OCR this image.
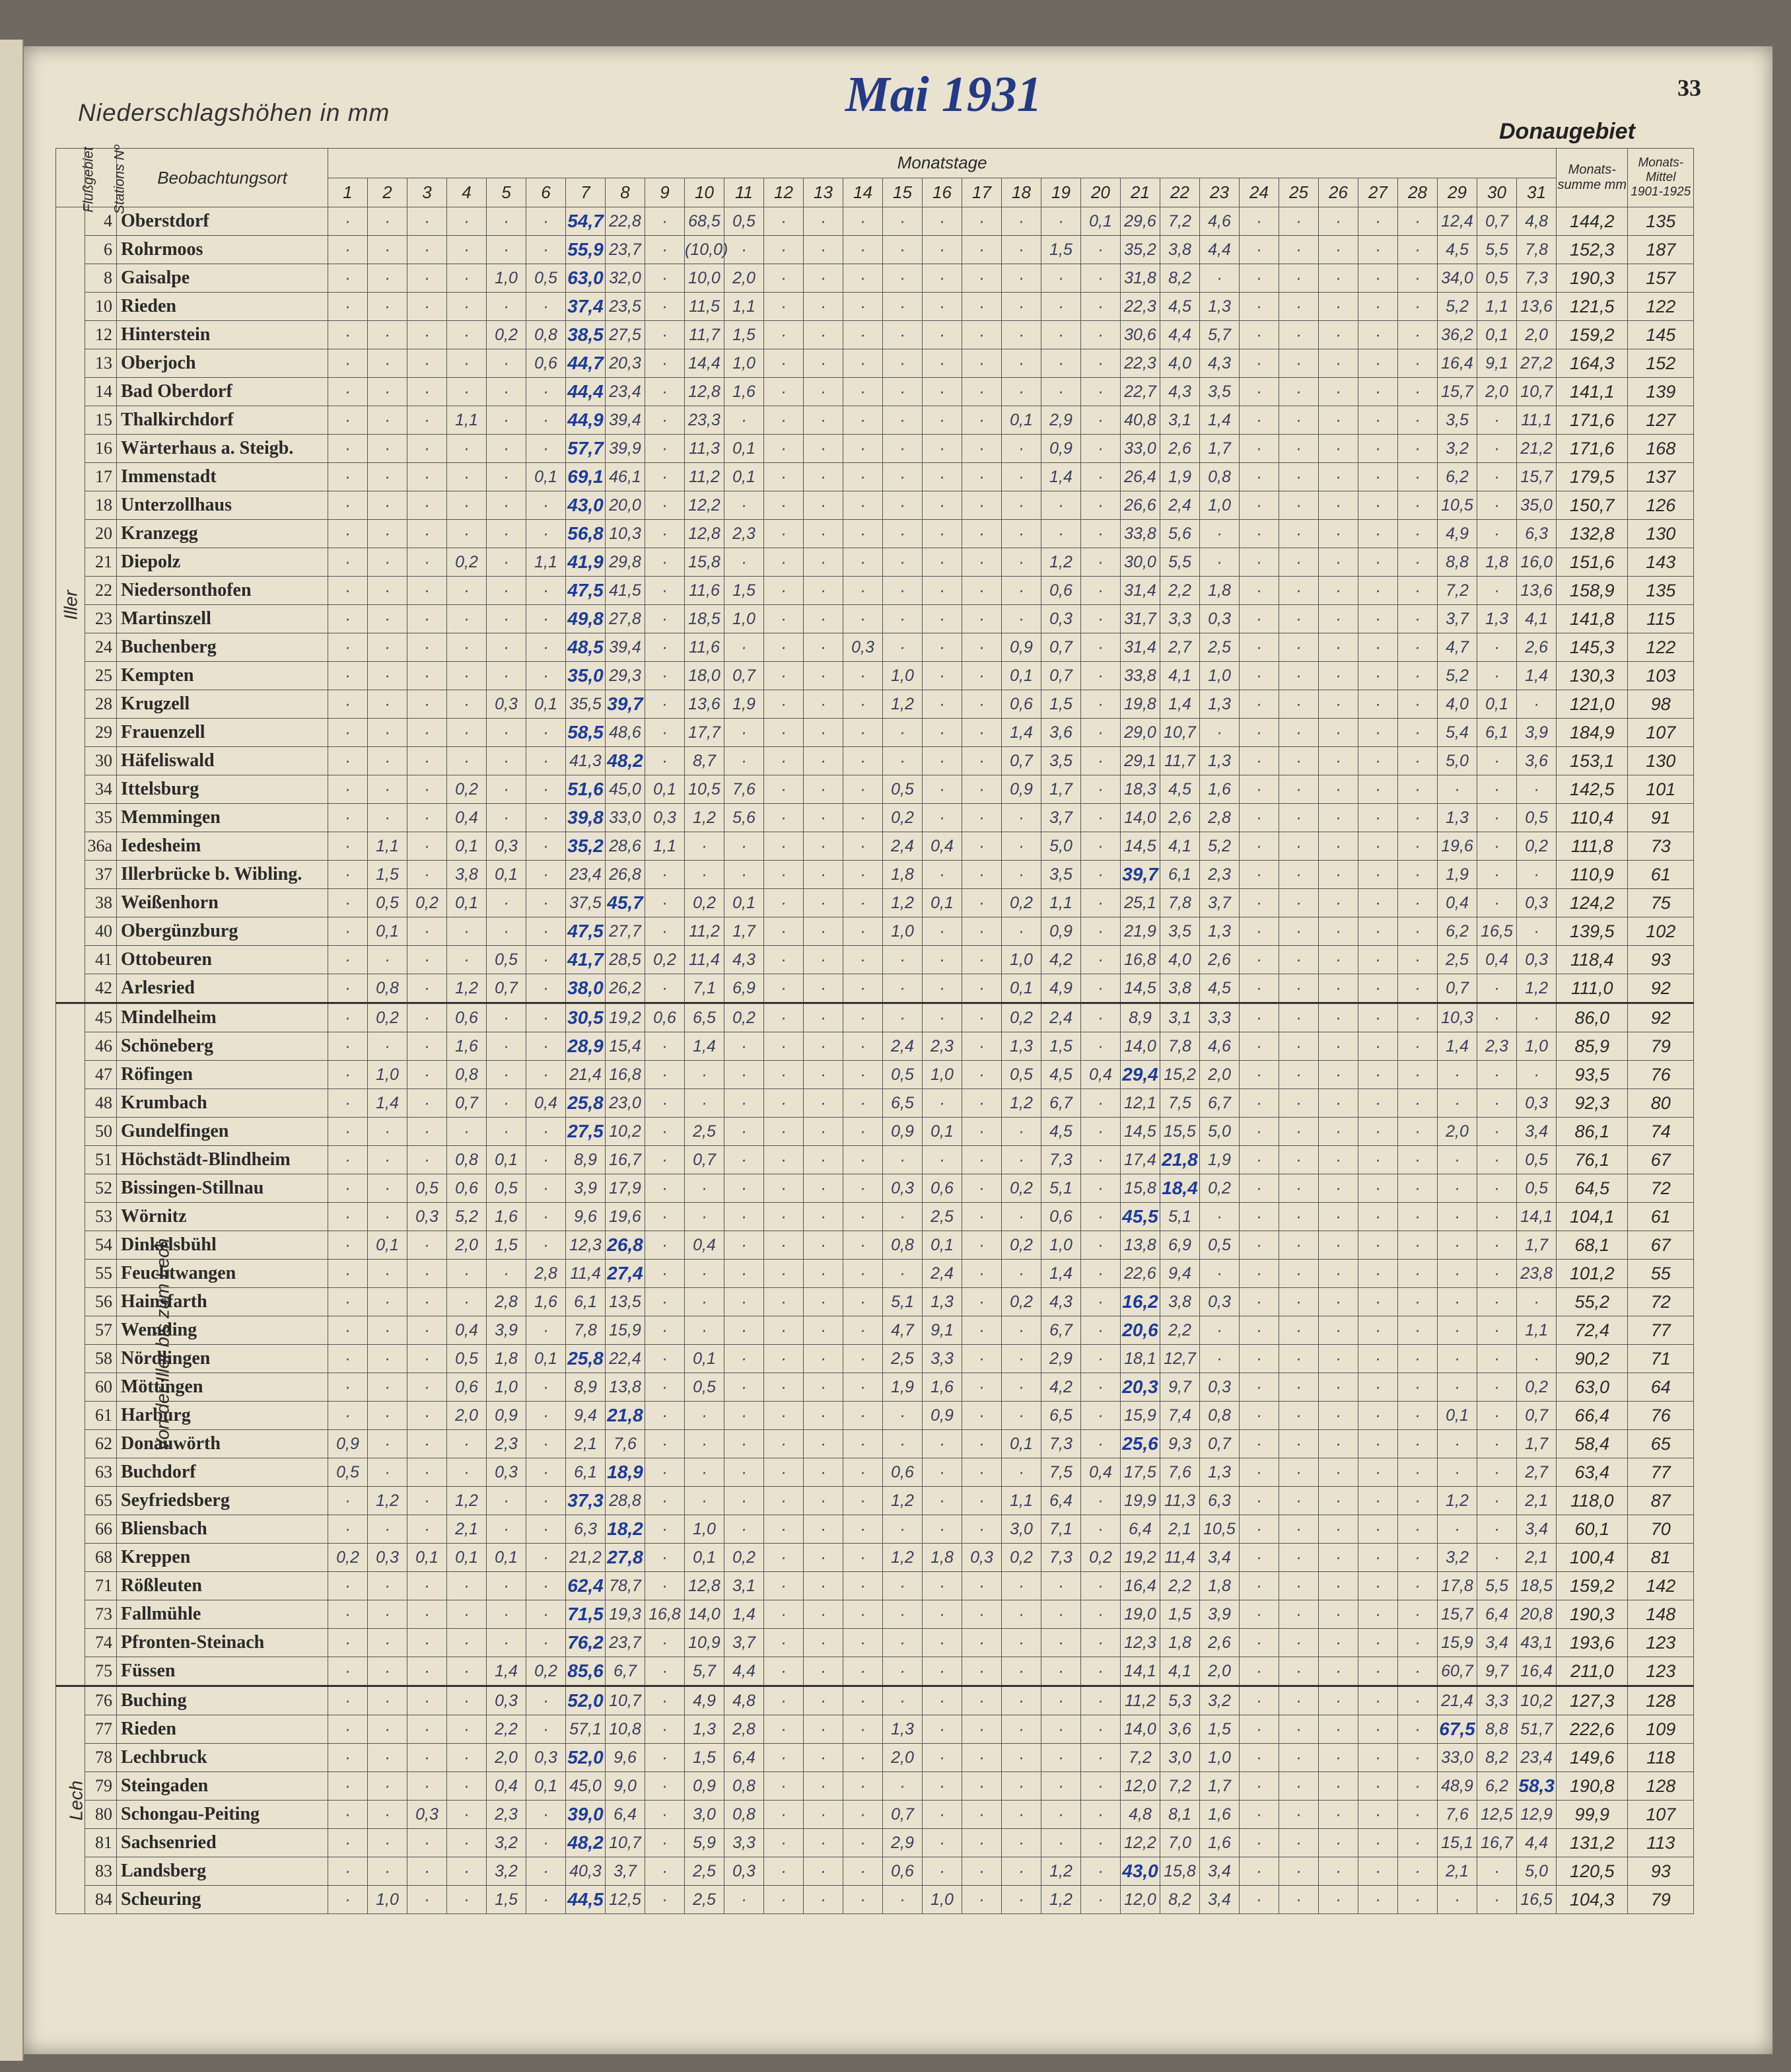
Niederschlagshöhen in mm	Mai 1931	33
Donaugebiet
Flußgebiet	Stations Nº	Beobachtungsort	Monatstage																															Monats-summe mm	Monats-Mittel 1901-1925
			1	2	3	4	5	6	7	8	9	10	11	12	13	14	15	16	17	18	19	20	21	22	23	24	25	26	27	28	29	30	31		
Iller	4	Oberstdorf	·	·	·	·	·	·	54,7	22,8	·	68,5	0,5	·	·	·	·	·	·	·	·	0,1	29,6	7,2	4,6	·	·	·	·	·	12,4	0,7	4,8	144,2	135
	6	Rohrmoos	·	·	·	·	·	·	55,9	23,7	·	(10,0)	·	·	·	·	·	·	·	·	1,5	·	35,2	3,8	4,4	·	·	·	·	·	4,5	5,5	7,8	152,3	187
	8	Gaisalpe	·	·	·	·	1,0	0,5	63,0	32,0	·	10,0	2,0	·	·	·	·	·	·	·	·	·	31,8	8,2	·	·	·	·	·	·	34,0	0,5	7,3	190,3	157
	10	Rieden	·	·	·	·	·	·	37,4	23,5	·	11,5	1,1	·	·	·	·	·	·	·	·	·	22,3	4,5	1,3	·	·	·	·	·	5,2	1,1	13,6	121,5	122
	12	Hinterstein	·	·	·	·	0,2	0,8	38,5	27,5	·	11,7	1,5	·	·	·	·	·	·	·	·	·	30,6	4,4	5,7	·	·	·	·	·	36,2	0,1	2,0	159,2	145
	13	Oberjoch	·	·	·	·	·	0,6	44,7	20,3	·	14,4	1,0	·	·	·	·	·	·	·	·	·	22,3	4,0	4,3	·	·	·	·	·	16,4	9,1	27,2	164,3	152
	14	Bad Oberdorf	·	·	·	·	·	·	44,4	23,4	·	12,8	1,6	·	·	·	·	·	·	·	·	·	22,7	4,3	3,5	·	·	·	·	·	15,7	2,0	10,7	141,1	139
	15	Thalkirchdorf	·	·	·	1,1	·	·	44,9	39,4	·	23,3	·	·	·	·	·	·	·	0,1	2,9	·	40,8	3,1	1,4	·	·	·	·	·	3,5	·	11,1	171,6	127
	16	Wärterhaus a. Steigb.	·	·	·	·	·	·	57,7	39,9	·	11,3	0,1	·	·	·	·	·	·	·	0,9	·	33,0	2,6	1,7	·	·	·	·	·	3,2	·	21,2	171,6	168
	17	Immenstadt	·	·	·	·	·	0,1	69,1	46,1	·	11,2	0,1	·	·	·	·	·	·	·	1,4	·	26,4	1,9	0,8	·	·	·	·	·	6,2	·	15,7	179,5	137
	18	Unterzollhaus	·	·	·	·	·	·	43,0	20,0	·	12,2	·	·	·	·	·	·	·	·	·	·	26,6	2,4	1,0	·	·	·	·	·	10,5	·	35,0	150,7	126
	20	Kranzegg	·	·	·	·	·	·	56,8	10,3	·	12,8	2,3	·	·	·	·	·	·	·	·	·	33,8	5,6	·	·	·	·	·	·	4,9	·	6,3	132,8	130
	21	Diepolz	·	·	·	0,2	·	1,1	41,9	29,8	·	15,8	·	·	·	·	·	·	·	·	1,2	·	30,0	5,5	·	·	·	·	·	·	8,8	1,8	16,0	151,6	143
	22	Niedersonthofen	·	·	·	·	·	·	47,5	41,5	·	11,6	1,5	·	·	·	·	·	·	·	0,6	·	31,4	2,2	1,8	·	·	·	·	·	7,2	·	13,6	158,9	135
	23	Martinszell	·	·	·	·	·	·	49,8	27,8	·	18,5	1,0	·	·	·	·	·	·	·	0,3	·	31,7	3,3	0,3	·	·	·	·	·	3,7	1,3	4,1	141,8	115
	24	Buchenberg	·	·	·	·	·	·	48,5	39,4	·	11,6	·	·	·	0,3	·	·	·	0,9	0,7	·	31,4	2,7	2,5	·	·	·	·	·	4,7	·	2,6	145,3	122
	25	Kempten	·	·	·	·	·	·	35,0	29,3	·	18,0	0,7	·	·	·	1,0	·	·	0,1	0,7	·	33,8	4,1	1,0	·	·	·	·	·	5,2	·	1,4	130,3	103
	28	Krugzell	·	·	·	·	0,3	0,1	35,5	39,7	·	13,6	1,9	·	·	·	1,2	·	·	0,6	1,5	·	19,8	1,4	1,3	·	·	·	·	·	4,0	0,1	·	121,0	98
	29	Frauenzell	·	·	·	·	·	·	58,5	48,6	·	17,7	·	·	·	·	·	·	·	1,4	3,6	·	29,0	10,7	·	·	·	·	·	·	5,4	6,1	3,9	184,9	107
	30	Häfeliswald	·	·	·	·	·	·	41,3	48,2	·	8,7	·	·	·	·	·	·	·	0,7	3,5	·	29,1	11,7	1,3	·	·	·	·	·	5,0	·	3,6	153,1	130
	34	Ittelsburg	·	·	·	0,2	·	·	51,6	45,0	0,1	10,5	7,6	·	·	·	0,5	·	·	0,9	1,7	·	18,3	4,5	1,6	·	·	·	·	·	·	·	·	142,5	101
	35	Memmingen	·	·	·	0,4	·	·	39,8	33,0	0,3	1,2	5,6	·	·	·	0,2	·	·	·	3,7	·	14,0	2,6	2,8	·	·	·	·	·	1,3	·	0,5	110,4	91
	36a	Iedesheim	·	1,1	·	0,1	0,3	·	35,2	28,6	1,1	·	·	·	·	·	2,4	0,4	·	·	5,0	·	14,5	4,1	5,2	·	·	·	·	·	19,6	·	0,2	111,8	73
	37	Illerbrücke b. Wibling.	·	1,5	·	3,8	0,1	·	23,4	26,8	·	·	·	·	·	·	1,8	·	·	·	3,5	·	39,7	6,1	2,3	·	·	·	·	·	1,9	·	·	110,9	61
	38	Weißenhorn	·	0,5	0,2	0,1	·	·	37,5	45,7	·	0,2	0,1	·	·	·	1,2	0,1	·	0,2	1,1	·	25,1	7,8	3,7	·	·	·	·	·	0,4	·	0,3	124,2	75
	40	Obergünzburg	·	0,1	·	·	·	·	47,5	27,7	·	11,2	1,7	·	·	·	1,0	·	·	·	0,9	·	21,9	3,5	1,3	·	·	·	·	·	6,2	16,5	·	139,5	102
	41	Ottobeuren	·	·	·	·	0,5	·	41,7	28,5	0,2	11,4	4,3	·	·	·	·	·	·	1,0	4,2	·	16,8	4,0	2,6	·	·	·	·	·	2,5	0,4	0,3	118,4	93
	42	Arlesried	·	0,8	·	1,2	0,7	·	38,0	26,2	·	7,1	6,9	·	·	·	·	·	·	0,1	4,9	·	14,5	3,8	4,5	·	·	·	·	·	0,7	·	1,2	111,0	92
Von der Iller bis zum Lech	45	Mindelheim	·	0,2	·	0,6	·	·	30,5	19,2	0,6	6,5	0,2	·	·	·	·	·	·	0,2	2,4	·	8,9	3,1	3,3	·	·	·	·	·	10,3	·	·	86,0	92
	46	Schöneberg	·	·	·	1,6	·	·	28,9	15,4	·	1,4	·	·	·	·	2,4	2,3	·	1,3	1,5	·	14,0	7,8	4,6	·	·	·	·	·	1,4	2,3	1,0	85,9	79
	47	Röfingen	·	1,0	·	0,8	·	·	21,4	16,8	·	·	·	·	·	·	0,5	1,0	·	0,5	4,5	0,4	29,4	15,2	2,0	·	·	·	·	·	·	·	·	93,5	76
	48	Krumbach	·	1,4	·	0,7	·	0,4	25,8	23,0	·	·	·	·	·	·	6,5	·	·	1,2	6,7	·	12,1	7,5	6,7	·	·	·	·	·	·	·	0,3	92,3	80
	50	Gundelfingen	·	·	·	·	·	·	27,5	10,2	·	2,5	·	·	·	·	0,9	0,1	·	·	4,5	·	14,5	15,5	5,0	·	·	·	·	·	2,0	·	3,4	86,1	74
	51	Höchstädt-Blindheim	·	·	·	0,8	0,1	·	8,9	16,7	·	0,7	·	·	·	·	·	·	·	·	7,3	·	17,4	21,8	1,9	·	·	·	·	·	·	·	0,5	76,1	67
	52	Bissingen-Stillnau	·	·	0,5	0,6	0,5	·	3,9	17,9	·	·	·	·	·	·	0,3	0,6	·	0,2	5,1	·	15,8	18,4	0,2	·	·	·	·	·	·	·	0,5	64,5	72
	53	Wörnitz	·	·	0,3	5,2	1,6	·	9,6	19,6	·	·	·	·	·	·	·	2,5	·	·	0,6	·	45,5	5,1	·	·	·	·	·	·	·	·	14,1	104,1	61
	54	Dinkelsbühl	·	0,1	·	2,0	1,5	·	12,3	26,8	·	0,4	·	·	·	·	0,8	0,1	·	0,2	1,0	·	13,8	6,9	0,5	·	·	·	·	·	·	·	1,7	68,1	67
	55	Feuchtwangen	·	·	·	·	·	2,8	11,4	27,4	·	·	·	·	·	·	·	2,4	·	·	1,4	·	22,6	9,4	·	·	·	·	·	·	·	·	23,8	101,2	55
	56	Hainsfarth	·	·	·	·	2,8	1,6	6,1	13,5	·	·	·	·	·	·	5,1	1,3	·	0,2	4,3	·	16,2	3,8	0,3	·	·	·	·	·	·	·	·	55,2	72
	57	Wemding	·	·	·	0,4	3,9	·	7,8	15,9	·	·	·	·	·	·	4,7	9,1	·	·	6,7	·	20,6	2,2	·	·	·	·	·	·	·	·	1,1	72,4	77
	58	Nördlingen	·	·	·	0,5	1,8	0,1	25,8	22,4	·	0,1	·	·	·	·	2,5	3,3	·	·	2,9	·	18,1	12,7	·	·	·	·	·	·	·	·	·	90,2	71
	60	Möttingen	·	·	·	0,6	1,0	·	8,9	13,8	·	0,5	·	·	·	·	1,9	1,6	·	·	4,2	·	20,3	9,7	0,3	·	·	·	·	·	·	·	0,2	63,0	64
	61	Harburg	·	·	·	2,0	0,9	·	9,4	21,8	·	·	·	·	·	·	·	0,9	·	·	6,5	·	15,9	7,4	0,8	·	·	·	·	·	0,1	·	0,7	66,4	76
	62	Donauwörth	0,9	·	·	·	2,3	·	2,1	7,6	·	·	·	·	·	·	·	·	·	0,1	7,3	·	25,6	9,3	0,7	·	·	·	·	·	·	·	1,7	58,4	65
	63	Buchdorf	0,5	·	·	·	0,3	·	6,1	18,9	·	·	·	·	·	·	0,6	·	·	·	7,5	0,4	17,5	7,6	1,3	·	·	·	·	·	·	·	2,7	63,4	77
	65	Seyfriedsberg	·	1,2	·	1,2	·	·	37,3	28,8	·	·	·	·	·	·	1,2	·	·	1,1	6,4	·	19,9	11,3	6,3	·	·	·	·	·	1,2	·	2,1	118,0	87
	66	Bliensbach	·	·	·	2,1	·	·	6,3	18,2	·	1,0	·	·	·	·	·	·	·	3,0	7,1	·	6,4	2,1	10,5	·	·	·	·	·	·	·	3,4	60,1	70
	68	Kreppen	0,2	0,3	0,1	0,1	0,1	·	21,2	27,8	·	0,1	0,2	·	·	·	1,2	1,8	0,3	0,2	7,3	0,2	19,2	11,4	3,4	·	·	·	·	·	3,2	·	2,1	100,4	81
	71	Rößleuten	·	·	·	·	·	·	62,4	78,7	·	12,8	3,1	·	·	·	·	·	·	·	·	·	16,4	2,2	1,8	·	·	·	·	·	17,8	5,5	18,5	159,2	142
	73	Fallmühle	·	·	·	·	·	·	71,5	19,3	16,8	14,0	1,4	·	·	·	·	·	·	·	·	·	19,0	1,5	3,9	·	·	·	·	·	15,7	6,4	20,8	190,3	148
	74	Pfronten-Steinach	·	·	·	·	·	·	76,2	23,7	·	10,9	3,7	·	·	·	·	·	·	·	·	·	12,3	1,8	2,6	·	·	·	·	·	15,9	3,4	43,1	193,6	123
	75	Füssen	·	·	·	·	1,4	0,2	85,6	6,7	·	5,7	4,4	·	·	·	·	·	·	·	·	·	14,1	4,1	2,0	·	·	·	·	·	60,7	9,7	16,4	211,0	123
Lech	76	Buching	·	·	·	·	0,3	·	52,0	10,7	·	4,9	4,8	·	·	·	·	·	·	·	·	·	11,2	5,3	3,2	·	·	·	·	·	21,4	3,3	10,2	127,3	128
	77	Rieden	·	·	·	·	2,2	·	57,1	10,8	·	1,3	2,8	·	·	·	1,3	·	·	·	·	·	14,0	3,6	1,5	·	·	·	·	·	67,5	8,8	51,7	222,6	109
	78	Lechbruck	·	·	·	·	2,0	0,3	52,0	9,6	·	1,5	6,4	·	·	·	2,0	·	·	·	·	·	7,2	3,0	1,0	·	·	·	·	·	33,0	8,2	23,4	149,6	118
	79	Steingaden	·	·	·	·	0,4	0,1	45,0	9,0	·	0,9	0,8	·	·	·	·	·	·	·	·	·	12,0	7,2	1,7	·	·	·	·	·	48,9	6,2	58,3	190,8	128
	80	Schongau-Peiting	·	·	0,3	·	2,3	·	39,0	6,4	·	3,0	0,8	·	·	·	0,7	·	·	·	·	·	4,8	8,1	1,6	·	·	·	·	·	7,6	12,5	12,9	99,9	107
	81	Sachsenried	·	·	·	·	3,2	·	48,2	10,7	·	5,9	3,3	·	·	·	2,9	·	·	·	·	·	12,2	7,0	1,6	·	·	·	·	·	15,1	16,7	4,4	131,2	113
	83	Landsberg	·	·	·	·	3,2	·	40,3	3,7	·	2,5	0,3	·	·	·	0,6	·	·	·	1,2	·	43,0	15,8	3,4	·	·	·	·	·	2,1	·	5,0	120,5	93
	84	Scheuring	·	1,0	·	·	1,5	·	44,5	12,5	·	2,5	·	·	·	·	·	1,0	·	·	1,2	·	12,0	8,2	3,4	·	·	·	·	·	·	·	16,5	104,3	79
